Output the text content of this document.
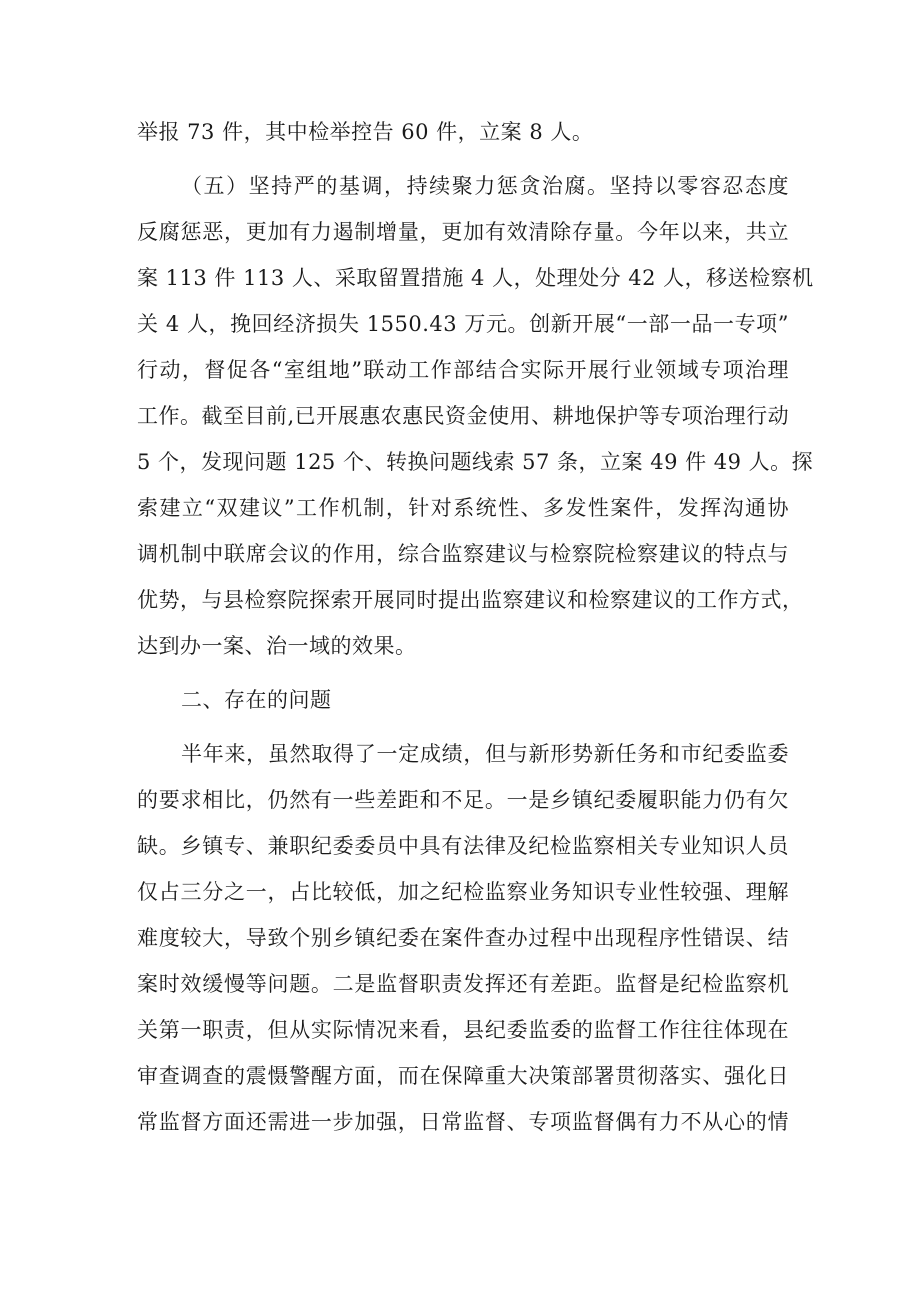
举报 73 件，其中检举控告 60 件，立案 8 人。
（五）坚持严的基调，持续聚力惩贪治腐。坚持以零容忍态度
反腐惩恶，更加有力遏制增量，更加有效清除存量。今年以来，共立
案 113 件 113 人、采取留置措施 4 人，处理处分 42 人，移送检察机
关 4 人，挽回经济损失 1550.43 万元。创新开展“一部一品一专项”
行动，督促各“室组地”联动工作部结合实际开展行业领域专项治理
工作。截至目前,已开展惠农惠民资金使用、耕地保护等专项治理行动
5 个，发现问题 125 个、转换问题线索 57 条，立案 49 件 49 人。探
索建立“双建议”工作机制，针对系统性、多发性案件，发挥沟通协
调机制中联席会议的作用，综合监察建议与检察院检察建议的特点与
优势，与县检察院探索开展同时提出监察建议和检察建议的工作方式，
达到办一案、治一域的效果。
二、存在的问题
半年来，虽然取得了一定成绩，但与新形势新任务和市纪委监委
的要求相比，仍然有一些差距和不足。一是乡镇纪委履职能力仍有欠
缺。乡镇专、兼职纪委委员中具有法律及纪检监察相关专业知识人员
仅占三分之一，占比较低，加之纪检监察业务知识专业性较强、理解
难度较大，导致个别乡镇纪委在案件查办过程中出现程序性错误、结
案时效缓慢等问题。二是监督职责发挥还有差距。监督是纪检监察机
关第一职责，但从实际情况来看，县纪委监委的监督工作往往体现在
审查调查的震慑警醒方面，而在保障重大决策部署贯彻落实、强化日
常监督方面还需进一步加强，日常监督、专项监督偶有力不从心的情
